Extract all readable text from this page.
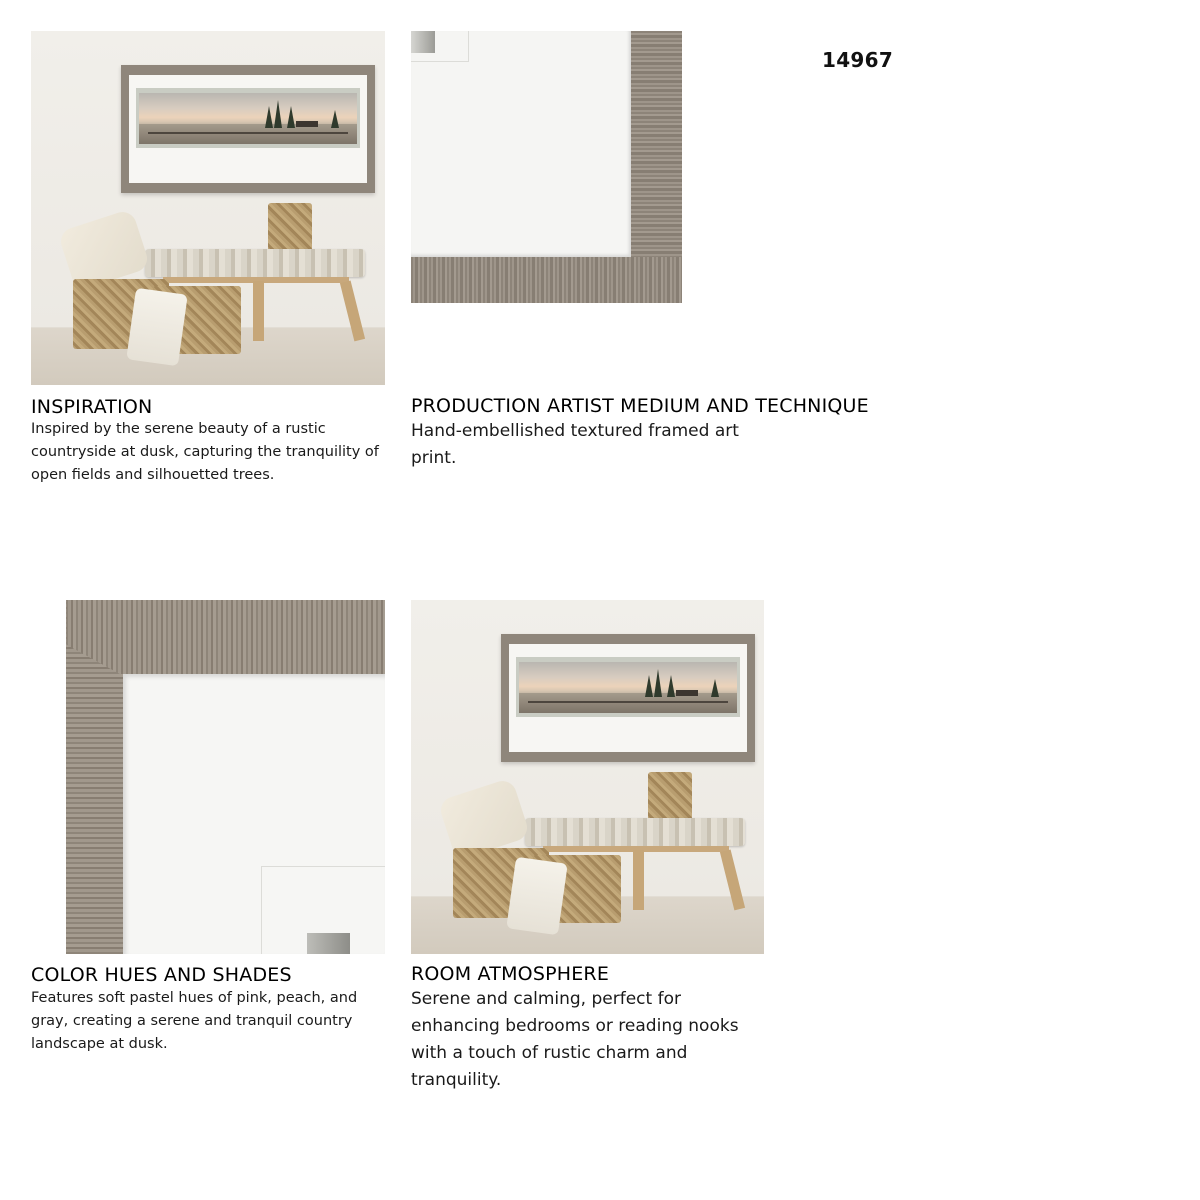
14967
INSPIRATION
Inspired by the serene beauty of a rustic countryside at dusk, capturing the tranquility of open fields and silhouetted trees.
PRODUCTION ARTIST MEDIUM AND TECHNIQUE
Hand-embellished textured framed art print.
COLOR HUES AND SHADES
Features soft pastel hues of pink, peach, and gray, creating a serene and tranquil country landscape at dusk.
ROOM ATMOSPHERE
Serene and calming, perfect for enhancing bedrooms or reading nooks with a touch of rustic charm and tranquility.
